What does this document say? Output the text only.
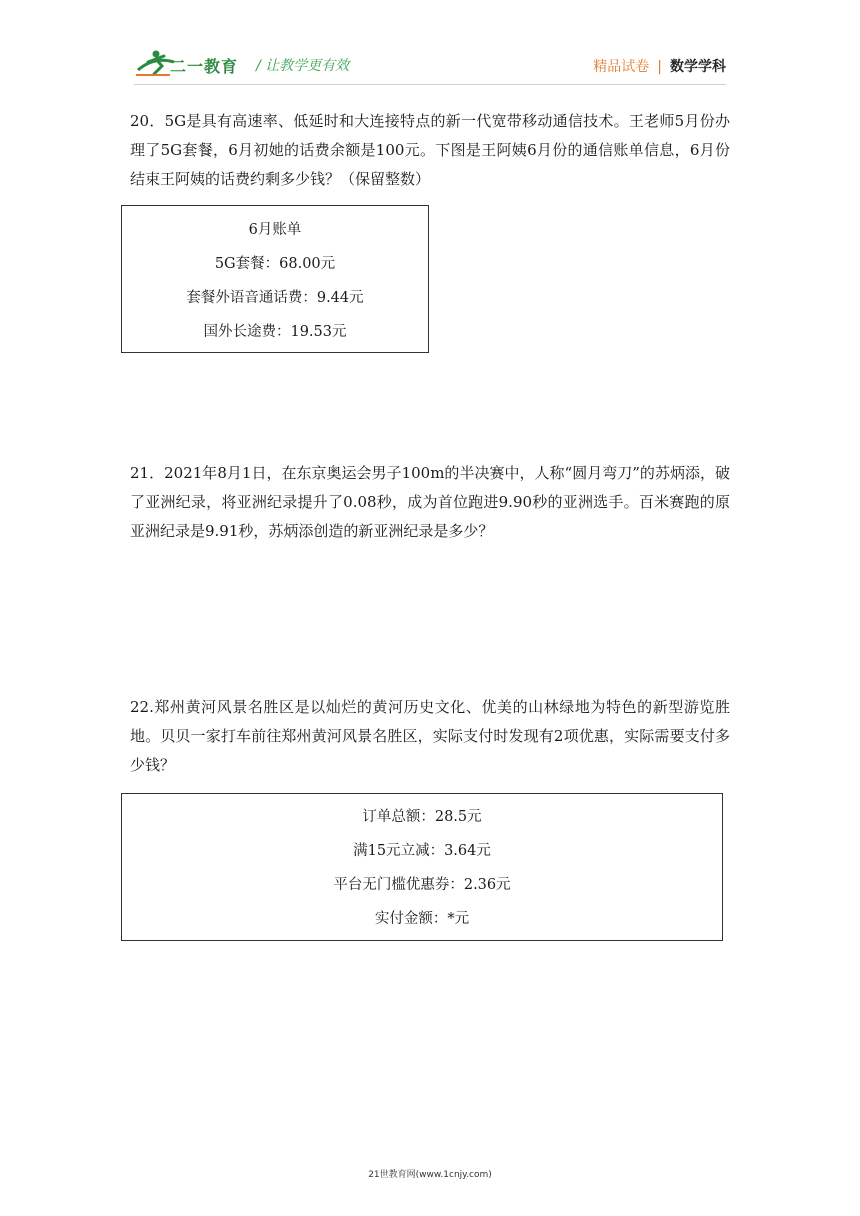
二一教育 / 让教学更有效	精品试卷 | 数学学科

20．5G是具有高速率、低延时和大连接特点的新一代宽带移动通信技术。王老师5月份办理了5G套餐，6月初她的话费余额是100元。下图是王阿姨6月份的通信账单信息，6月份结束王阿姨的话费约剩多少钱？（保留整数）

6月账单
5G套餐：68.00元
套餐外语音通话费：9.44元
国外长途费：19.53元

21．2021年8月1日，在东京奥运会男子100m的半决赛中，人称“圆月弯刀”的苏炳添，破了亚洲纪录，将亚洲纪录提升了0.08秒，成为首位跑进9.90秒的亚洲选手。百米赛跑的原亚洲纪录是9.91秒，苏炳添创造的新亚洲纪录是多少？

22.郑州黄河风景名胜区是以灿烂的黄河历史文化、优美的山林绿地为特色的新型游览胜地。贝贝一家打车前往郑州黄河风景名胜区，实际支付时发现有2项优惠，实际需要支付多少钱？

订单总额：28.5元
满15元立减：3.64元
平台无门槛优惠券：2.36元
实付金额：*元
21世教育网(www.1cnjy.com)
